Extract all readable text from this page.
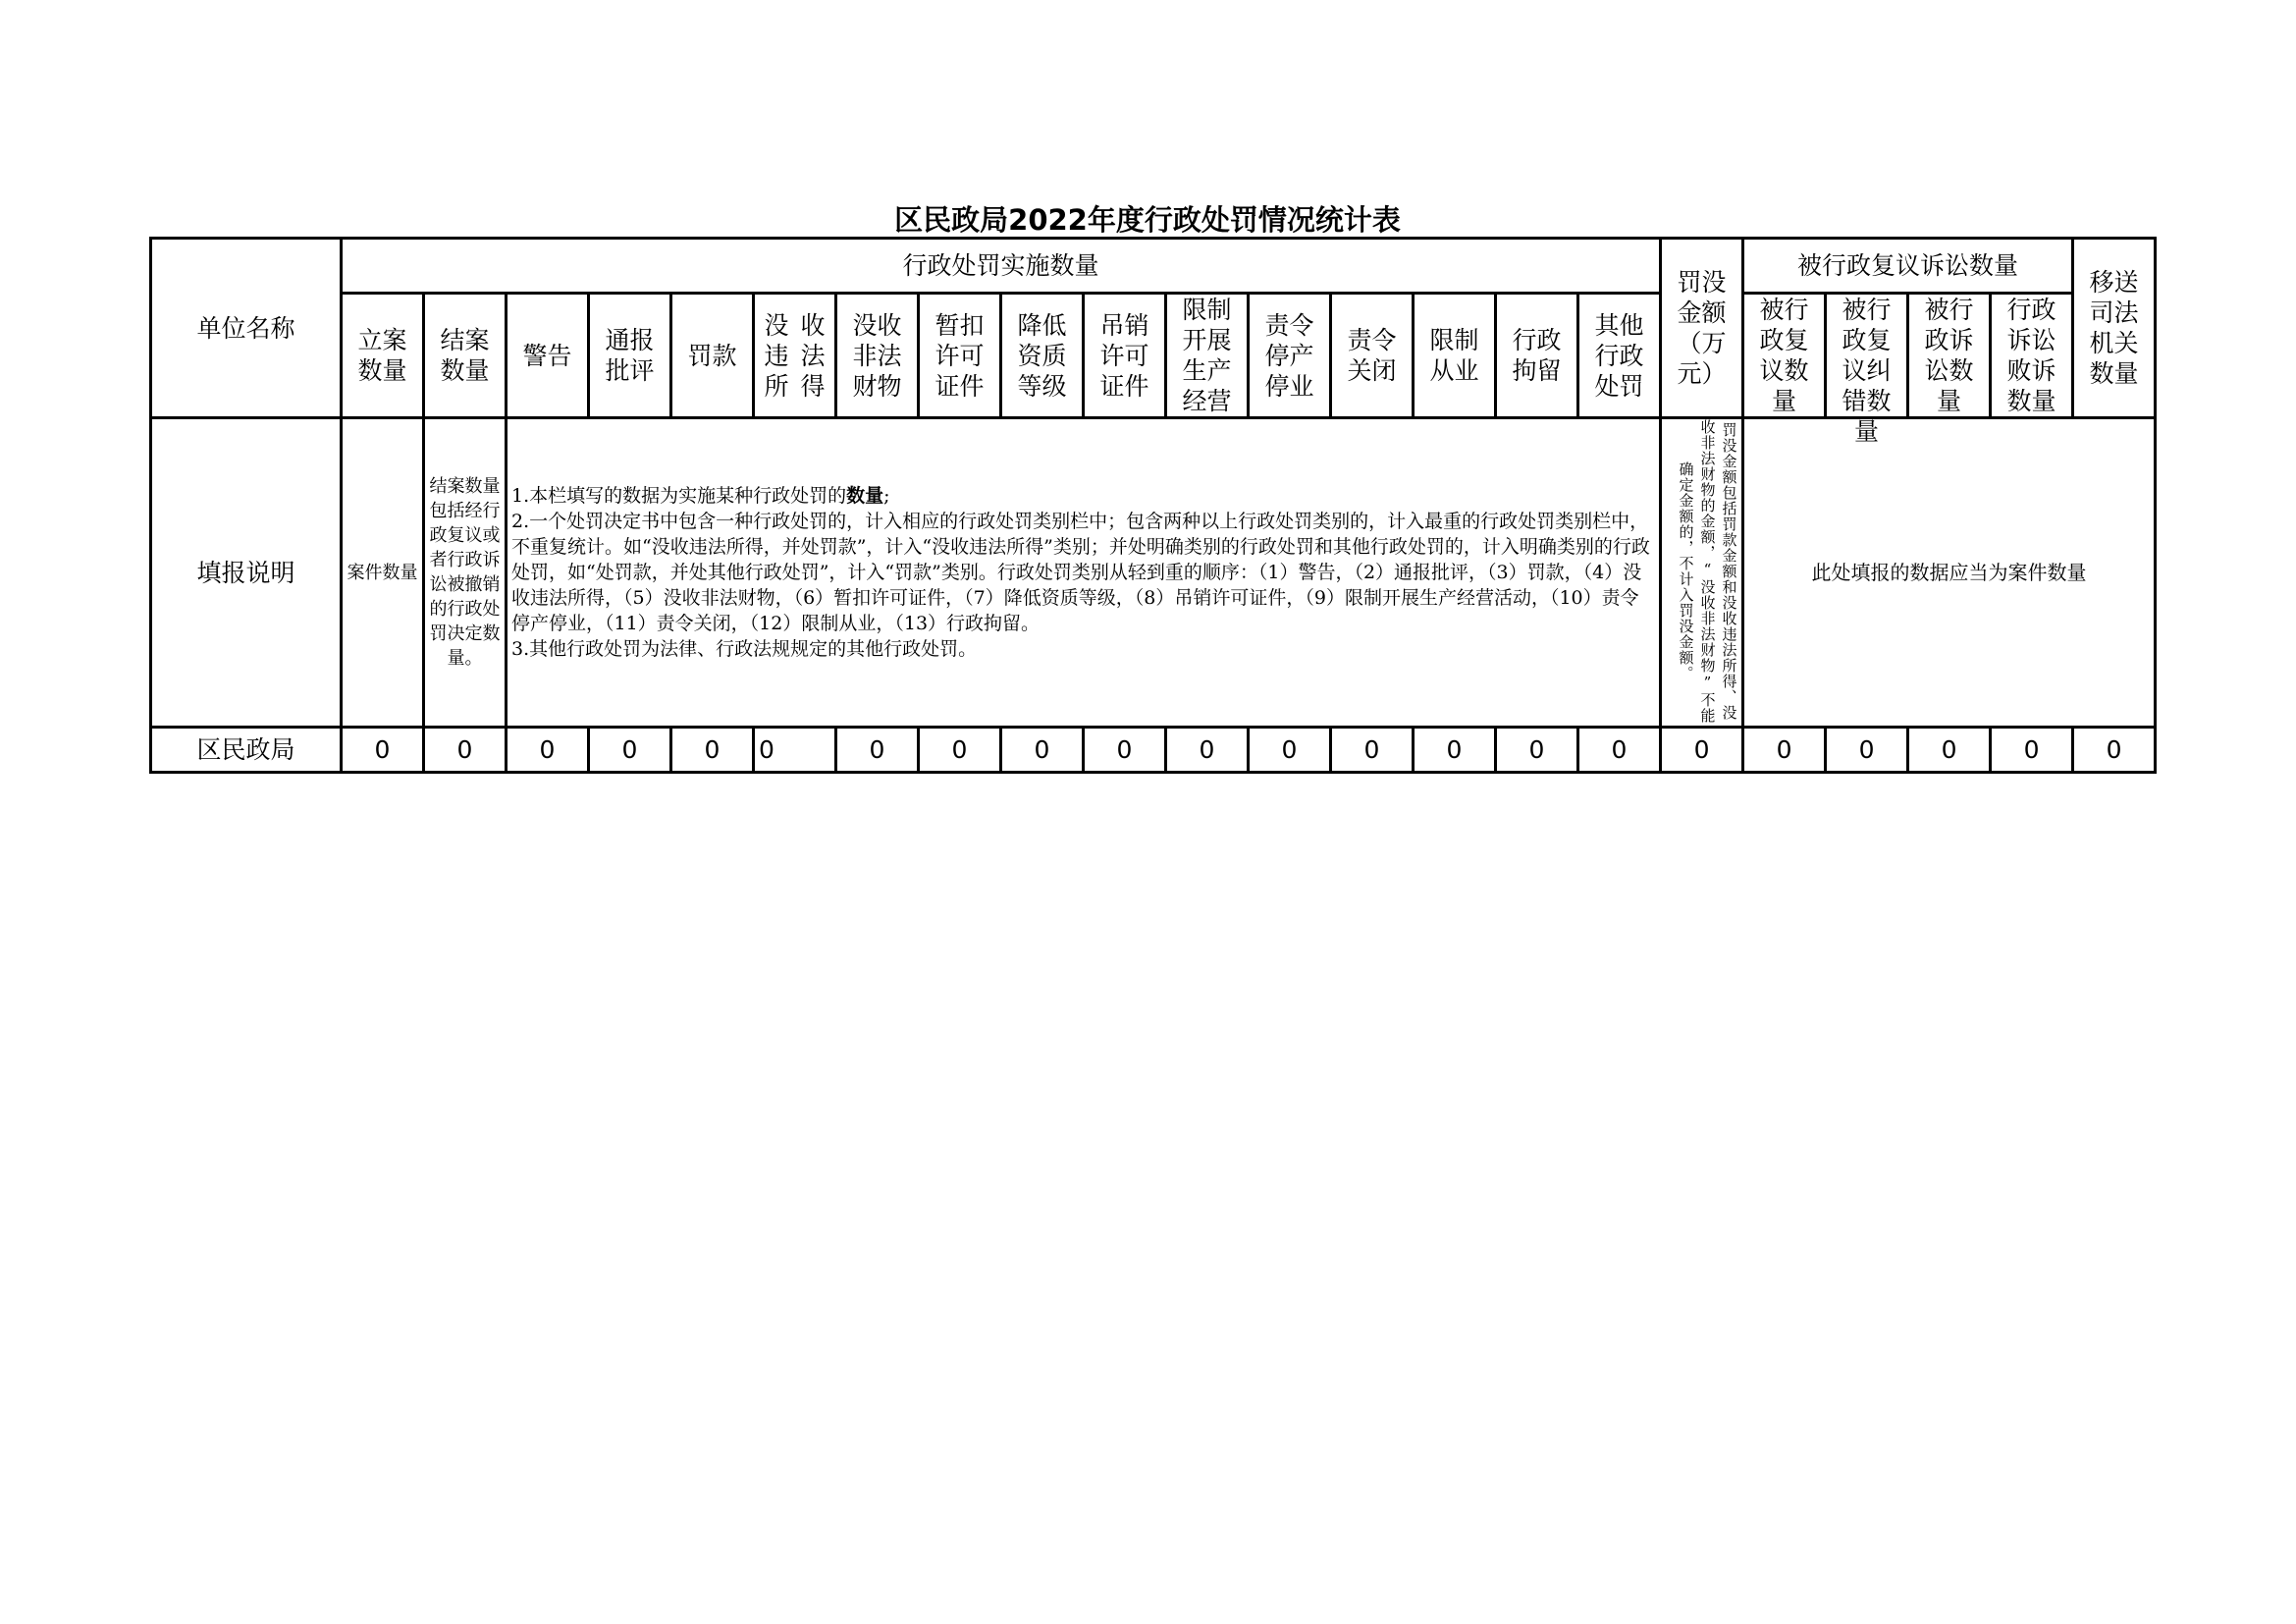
区民政局2022年度行政处罚情况统计表
单位名称	行政处罚实施数量																罚没金额（万元）	被行政复议诉讼数量				移送司法机关数量

	立案数量	结案数量	警告	通报批评	罚款	没收违法所得	没收非法财物	暂扣许可证件	降低资质等级	吊销许可证件	限制开展生产经营	责令停产停业	责令关闭	限制从业	行政拘留	其他行政处罚		被行政复议数量	被行政复议纠错数量	被行政诉讼数量	行政诉讼败诉数量	

填报说明	案件数量	结案数量包括经行政复议或者行政诉讼被撤销的行政处罚决定数量。	1.本栏填写的数据为实施某种行政处罚的数量;

2.一个处罚决定书中包含一种行政处罚的，计入相应的行政处罚类别栏中；包含两种以上行政处罚类别的，计入最重的行政处罚类别栏中，不重复统计。如“没收违法所得，并处罚款”，计入“没收违法所得”类别；并处明确类别的行政处罚和其他行政处罚的，计入明确类别的行政处罚，如“处罚款，并处其他行政处罚”，计入“罚款”类别。行政处罚类别从轻到重的顺序：（1）警告，（2）通报批评，（3）罚款，（4）没收违法所得，（5）没收非法财物，（6）暂扣许可证件，（7）降低资质等级，（8）吊销许可证件，（9）限制开展生产经营活动，（10）责令停产停业，（11）责令关闭，（12）限制从业，（13）行政拘留。

3.其他行政处罚为法律、行政法规规定的其他行政处罚。														罚没金额包括罚款金额和没收违法所得、没收非法财物的金额，“没收非法财物”不能确定金额的，不计入罚没金额。	此处填报的数据应当为案件数量				
区民政局	0	0	0	0	0	0	0	0	0	0	0	0	0	0	0	0	0	0	0	0	0	0
